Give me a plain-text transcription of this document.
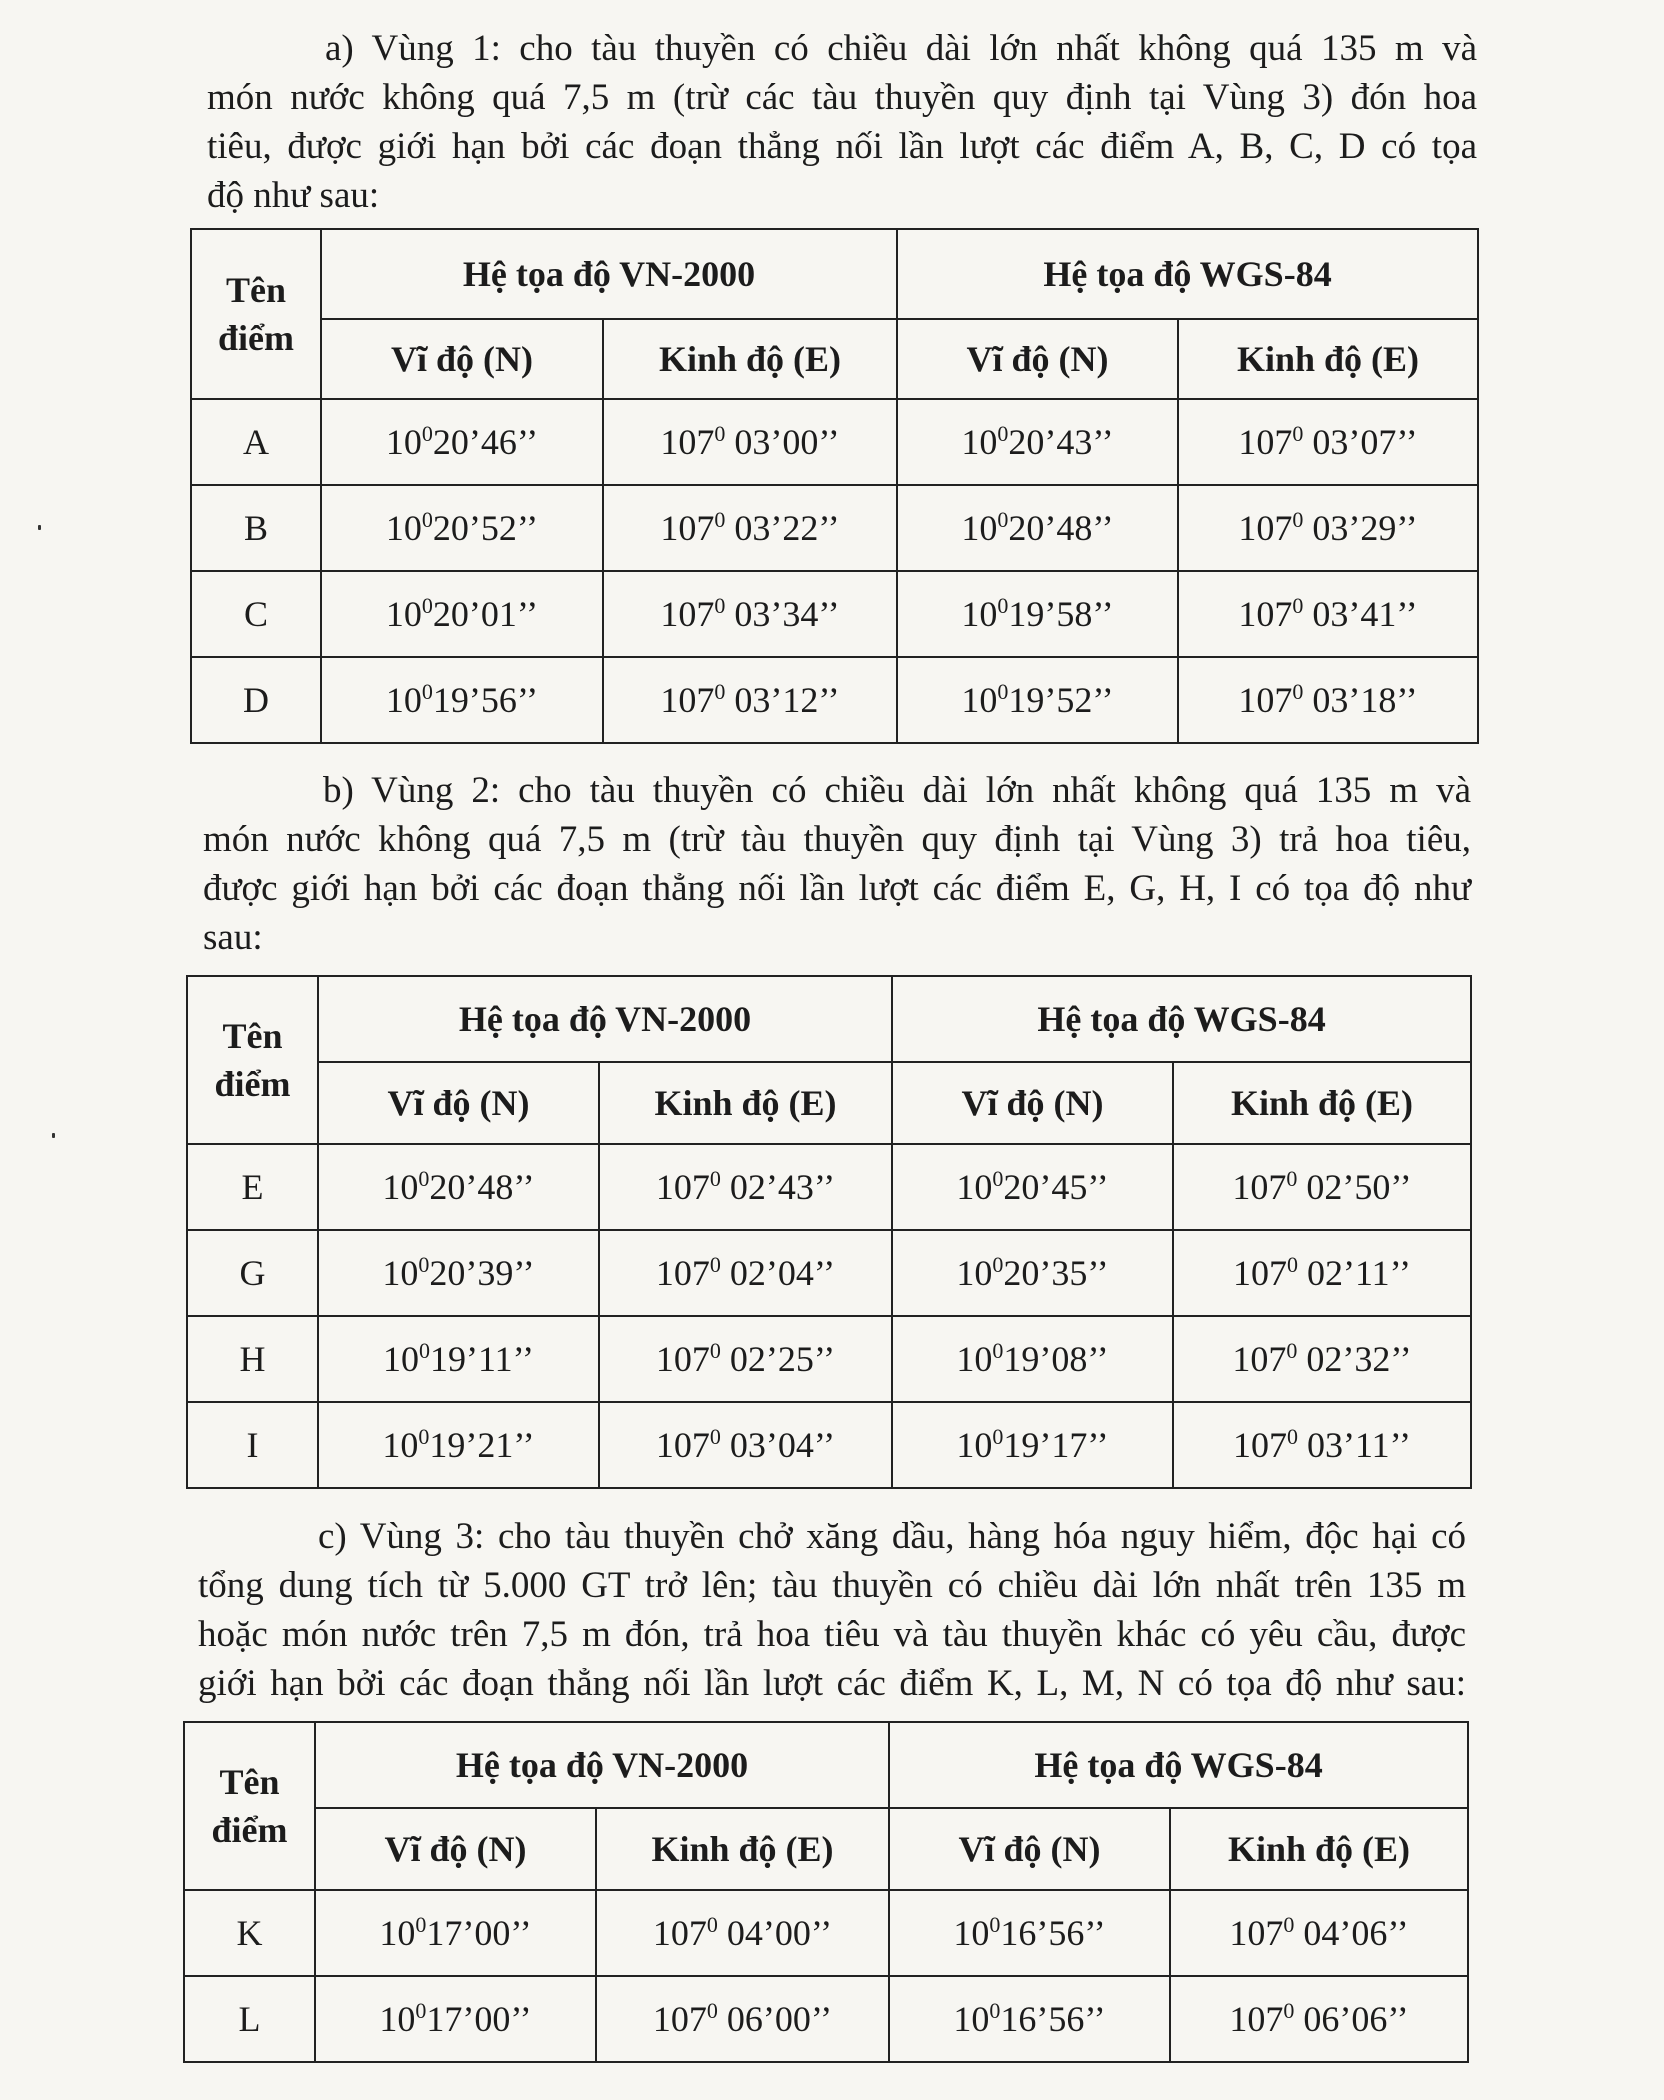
a) Vùng 1: cho tàu thuyền có chiều dài lớn nhất không quá 135 m và
món nước không quá 7,5 m (trừ các tàu thuyền quy định tại Vùng 3) đón hoa
tiêu, được giới hạn bởi các đoạn thẳng nối lần lượt các điểm A, B, C, D có tọa
độ như sau:
Tên
điểm	Hệ tọa độ VN-2000		Hệ tọa độ WGS-84	
	Vĩ độ (N)	Kinh độ (E)	Vĩ độ (N)	Kinh độ (E)
A	$10^020’46$’’	$107^0$ 03’00’’	$10^020’43$’’	$107^0$ 03’07’’
B	$10^020’52$’’	$107^0$ 03’22’’	$10^020’48$’’	$107^0$ 03’29’’
C	$10^020’01$’’	$107^0$ 03’34’’	$10^019’58$’’	$107^0$ 03’41’’
D	$10^019’56$’’	$107^0$ 03’12’’	$10^019’52$’’	$107^0$ 03’18’’
b) Vùng 2: cho tàu thuyền có chiều dài lớn nhất không quá 135 m và
món nước không quá 7,5 m (trừ tàu thuyền quy định tại Vùng 3) trả hoa tiêu,
được giới hạn bởi các đoạn thẳng nối lần lượt các điểm E, G, H, I có tọa độ như
sau:
Tên
điểm	Hệ tọa độ VN-2000		Hệ tọa độ WGS-84	
	Vĩ độ (N)	Kinh độ (E)	Vĩ độ (N)	Kinh độ (E)
E	$10^020’48$’’	$107^0$ 02’43’’	$10^020’45$’’	$107^0$ 02’50’’
G	$10^020’39$’’	$107^0$ 02’04’’	$10^020’35$’’	$107^0$ 02’11’’
H	$10^019’11$’’	$107^0$ 02’25’’	$10^019’08$’’	$107^0$ 02’32’’
I	$10^019’21$’’	$107^0$ 03’04’’	$10^019’17$’’	$107^0$ 03’11’’
c) Vùng 3: cho tàu thuyền chở xăng dầu, hàng hóa nguy hiểm, độc hại có
tổng dung tích từ 5.000 GT trở lên; tàu thuyền có chiều dài lớn nhất trên 135 m
hoặc món nước trên 7,5 m đón, trả hoa tiêu và tàu thuyền khác có yêu cầu, được
giới hạn bởi các đoạn thẳng nối lần lượt các điểm K, L, M, N có tọa độ như sau:
Tên
điểm	Hệ tọa độ VN-2000		Hệ tọa độ WGS-84	
	Vĩ độ (N)	Kinh độ (E)	Vĩ độ (N)	Kinh độ (E)
K	$10^017’00$’’	$107^0$ 04’00’’	$10^016’56$’’	$107^0$ 04’06’’
L	$10^017’00$’’	$107^0$ 06’00’’	$10^016’56$’’	$107^0$ 06’06’’
